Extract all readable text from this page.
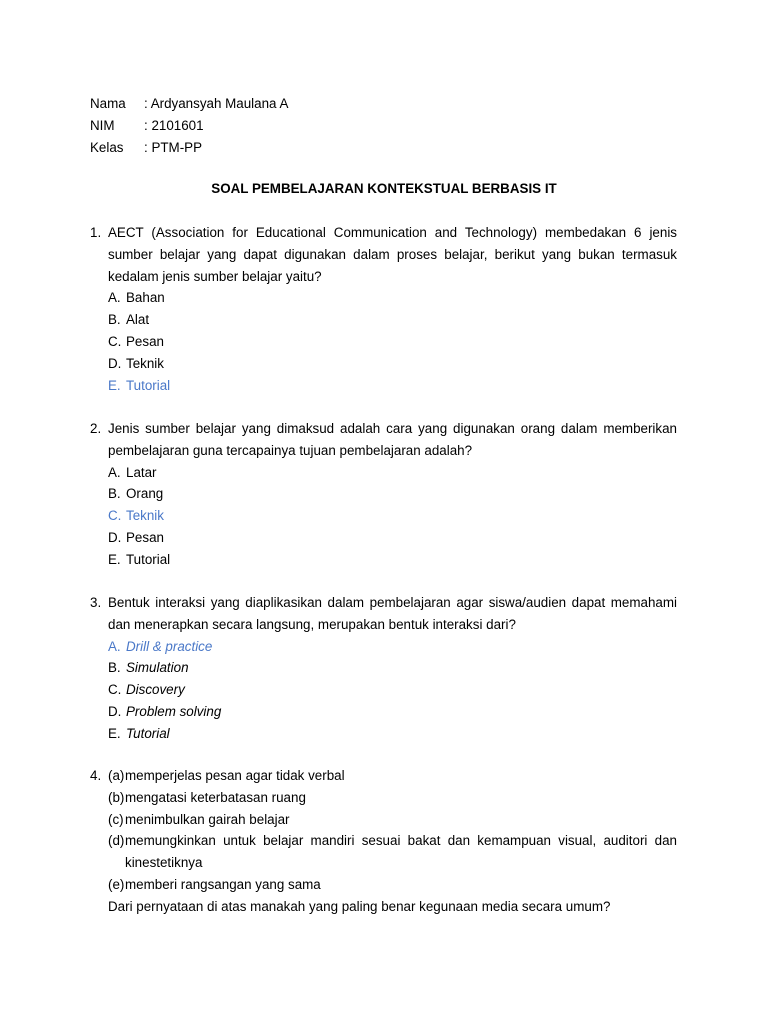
Nama : Ardyansyah Maulana A
NIM : 2101601
Kelas : PTM-PP
SOAL PEMBELAJARAN KONTEKSTUAL BERBASIS IT
1. AECT (Association for Educational Communication and Technology) membedakan 6 jenis sumber belajar yang dapat digunakan dalam proses belajar, berikut yang bukan termasuk kedalam jenis sumber belajar yaitu?
A. Bahan
B. Alat
C. Pesan
D. Teknik
E. Tutorial
2. Jenis sumber belajar yang dimaksud adalah cara yang digunakan orang dalam memberikan pembelajaran guna tercapainya tujuan pembelajaran adalah?
A. Latar
B. Orang
C. Teknik
D. Pesan
E. Tutorial
3. Bentuk interaksi yang diaplikasikan dalam pembelajaran agar siswa/audien dapat memahami dan menerapkan secara langsung, merupakan bentuk interaksi dari?
A. Drill & practice
B. Simulation
C. Discovery
D. Problem solving
E. Tutorial
4. (a) memperjelas pesan agar tidak verbal
(b) mengatasi keterbatasan ruang
(c) menimbulkan gairah belajar
(d) memungkinkan untuk belajar mandiri sesuai bakat dan kemampuan visual, auditori dan kinestetiknya
(e) memberi rangsangan yang sama
Dari pernyataan di atas manakah yang paling benar kegunaan media secara umum?
